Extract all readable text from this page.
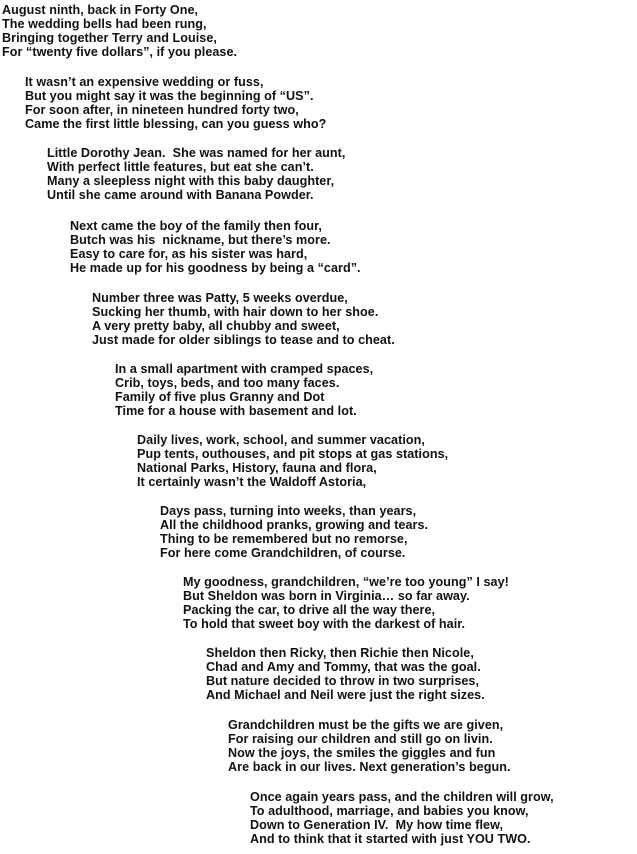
August ninth, back in Forty One,
The wedding bells had been rung,
Bringing together Terry and Louise,
For “twenty five dollars”, if you please.
It wasn’t an expensive wedding or fuss,
But you might say it was the beginning of “US”.
For soon after, in nineteen hundred forty two,
Came the first little blessing, can you guess who?
Little Dorothy Jean.  She was named for her aunt,
With perfect little features, but eat she can’t.
Many a sleepless night with this baby daughter,
Until she came around with Banana Powder.
Next came the boy of the family then four,
Butch was his  nickname, but there’s more.
Easy to care for, as his sister was hard,
He made up for his goodness by being a “card”.
Number three was Patty, 5 weeks overdue,
Sucking her thumb, with hair down to her shoe.
A very pretty baby, all chubby and sweet,
Just made for older siblings to tease and to cheat.
In a small apartment with cramped spaces,
Crib, toys, beds, and too many faces.
Family of five plus Granny and Dot
Time for a house with basement and lot.
Daily lives, work, school, and summer vacation,
Pup tents, outhouses, and pit stops at gas stations,
National Parks, History, fauna and flora,
It certainly wasn’t the Waldoff Astoria,
Days pass, turning into weeks, than years,
All the childhood pranks, growing and tears.
Thing to be remembered but no remorse,
For here come Grandchildren, of course.
My goodness, grandchildren, “we’re too young” I say!
But Sheldon was born in Virginia… so far away.
Packing the car, to drive all the way there,
To hold that sweet boy with the darkest of hair.
Sheldon then Ricky, then Richie then Nicole,
Chad and Amy and Tommy, that was the goal.
But nature decided to throw in two surprises,
And Michael and Neil were just the right sizes.
Grandchildren must be the gifts we are given,
For raising our children and still go on livin.
Now the joys, the smiles the giggles and fun
Are back in our lives. Next generation’s begun.
Once again years pass, and the children will grow,
To adulthood, marriage, and babies you know,
Down to Generation IV.  My how time flew,
And to think that it started with just YOU TWO.
